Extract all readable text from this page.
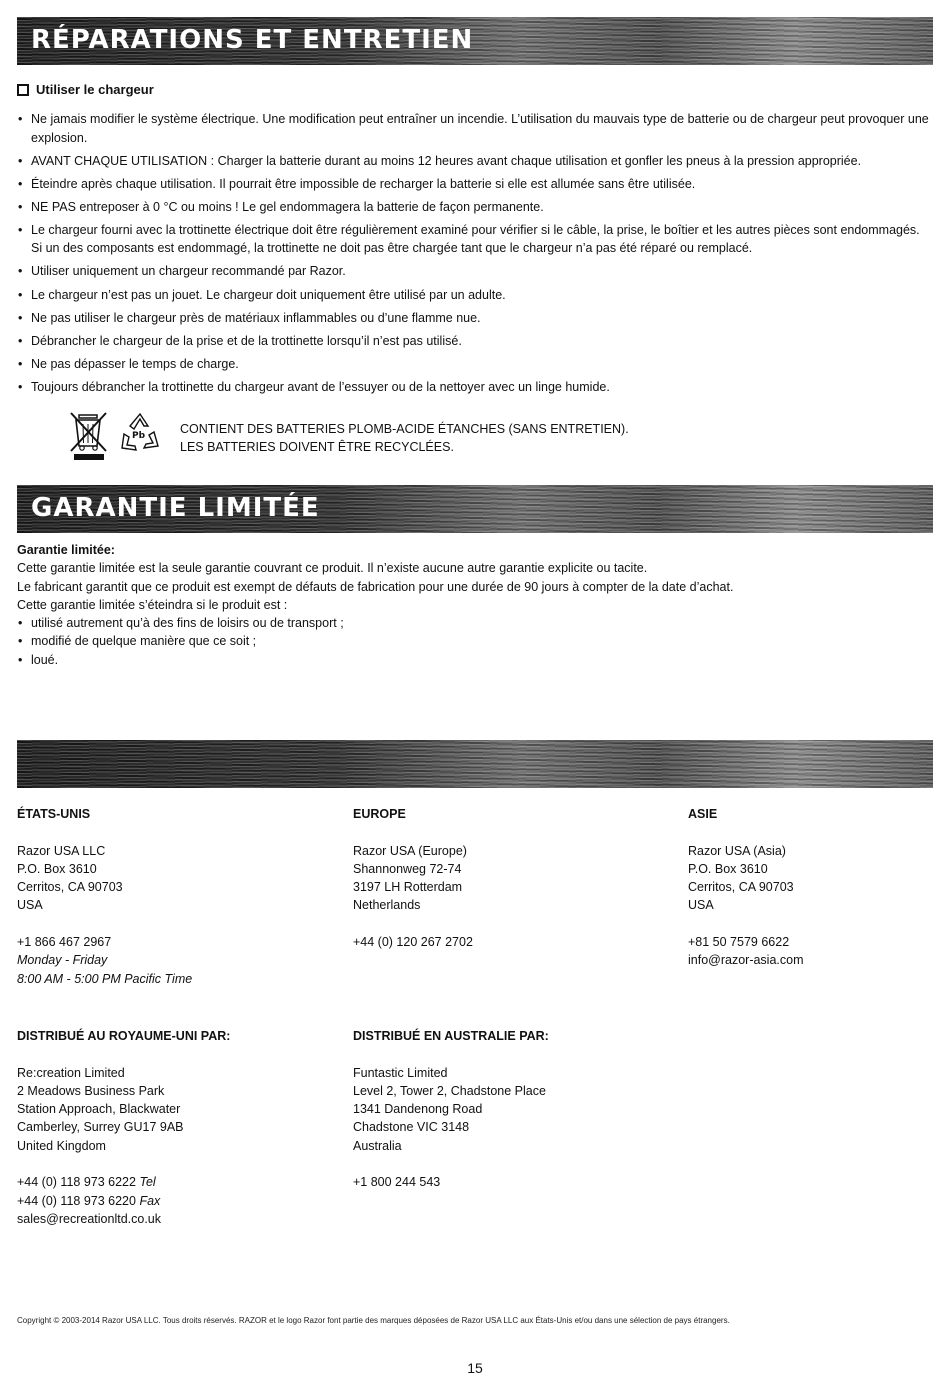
RÉPARATIONS ET ENTRETIEN
Utiliser le chargeur
• Ne jamais modifier le système électrique. Une modification peut entraîner un incendie. L’utilisation du mauvais type de batterie ou de chargeur peut provoquer une explosion.
• AVANT CHAQUE UTILISATION : Charger la batterie durant au moins 12 heures avant chaque utilisation et gonfler les pneus à la pression appropriée.
• Éteindre après chaque utilisation. Il pourrait être impossible de recharger la batterie si elle est allumée sans être utilisée.
• NE PAS entreposer à 0 °C ou moins ! Le gel endommagera la batterie de façon permanente.
• Le chargeur fourni avec la trottinette électrique doit être régulièrement examiné pour vérifier si le câble, la prise, le boîtier et les autres pièces sont endommagés. Si un des composants est endommagé, la trottinette ne doit pas être chargée tant que le chargeur n’a pas été réparé ou remplacé.
• Utiliser uniquement un chargeur recommandé par Razor.
• Le chargeur n’est pas un jouet. Le chargeur doit uniquement être utilisé par un adulte.
• Ne pas utiliser le chargeur près de matériaux inflammables ou d’une flamme nue.
• Débrancher le chargeur de la prise et de la trottinette lorsqu’il n’est pas utilisé.
• Ne pas dépasser le temps de charge.
• Toujours débrancher la trottinette du chargeur avant de l’essuyer ou de la nettoyer avec un linge humide.
Pb	CONTIENT DES BATTERIES PLOMB-ACIDE ÉTANCHES (SANS ENTRETIEN).
LES BATTERIES DOIVENT ÊTRE RECYCLÉES.
GARANTIE LIMITÉE
Garantie limitée:
Cette garantie limitée est la seule garantie couvrant ce produit. Il n’existe aucune autre garantie explicite ou tacite.
Le fabricant garantit que ce produit est exempt de défauts de fabrication pour une durée de 90 jours à compter de la date d’achat.
Cette garantie limitée s’éteindra si le produit est :
• utilisé autrement qu’à des fins de loisirs ou de transport ;
• modifié de quelque manière que ce soit ;
• loué.
ÉTATS-UNIS
Razor USA LLC
P.O. Box 3610
Cerritos, CA 90703
USA
+1 866 467 2967
Monday - Friday
8:00 AM - 5:00 PM Pacific Time
EUROPE
Razor USA (Europe)
Shannonweg 72-74
3197 LH Rotterdam
Netherlands
+44 (0) 120 267 2702
ASIE
Razor USA (Asia)
P.O. Box 3610
Cerritos, CA 90703
USA
+81 50 7579 6622
info@razor-asia.com
DISTRIBUÉ AU ROYAUME-UNI PAR:
Re:creation Limited
2 Meadows Business Park
Station Approach, Blackwater
Camberley, Surrey GU17 9AB
United Kingdom
+44 (0) 118 973 6222 Tel
+44 (0) 118 973 6220 Fax
sales@recreationltd.co.uk
DISTRIBUÉ EN AUSTRALIE PAR:
Funtastic Limited
Level 2, Tower 2, Chadstone Place
1341 Dandenong Road
Chadstone VIC 3148
Australia
+1 800 244 543
Copyright © 2003-2014 Razor USA LLC. Tous droits réservés. RAZOR et le logo Razor font partie des marques déposées de Razor USA LLC aux États-Unis et/ou dans une sélection de pays étrangers.
15
